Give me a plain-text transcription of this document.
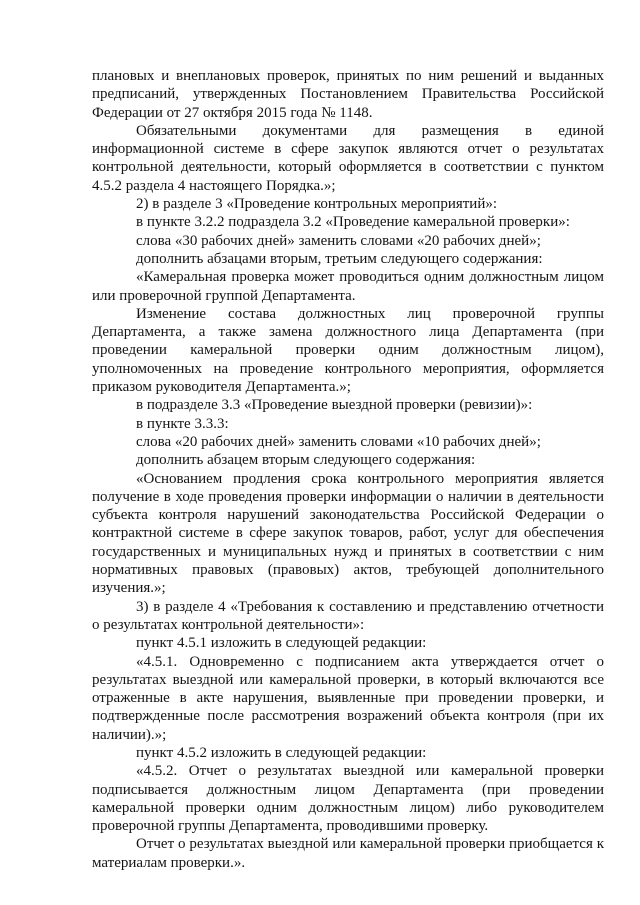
плановых и внеплановых проверок, принятых по ним решений и выданных предписаний, утвержденных Постановлением Правительства Российской Федерации от 27 октября 2015 года № 1148.

Обязательными документами для размещения в единой информационной системе в сфере закупок являются отчет о результатах контрольной деятельности, который оформляется в соответствии с пунктом 4.5.2 раздела 4 настоящего Порядка.»;

2) в разделе 3 «Проведение контрольных мероприятий»:

в пункте 3.2.2 подраздела 3.2 «Проведение камеральной проверки»:

слова «30 рабочих дней» заменить словами «20 рабочих дней»;

дополнить абзацами вторым, третьим следующего содержания:

«Камеральная проверка может проводиться одним должностным лицом или проверочной группой Департамента.

Изменение состава должностных лиц проверочной группы Департамента, а также замена должностного лица Департамента (при проведении камеральной проверки одним должностным лицом), уполномоченных на проведение контрольного мероприятия, оформляется приказом руководителя Департамента.»;

в подразделе 3.3 «Проведение выездной проверки (ревизии)»:

в пункте 3.3.3:

слова «20 рабочих дней» заменить словами «10 рабочих дней»;

дополнить абзацем вторым следующего содержания:

«Основанием продления срока контрольного мероприятия является получение в ходе проведения проверки информации о наличии в деятельности субъекта контроля нарушений законодательства Российской Федерации о контрактной системе в сфере закупок товаров, работ, услуг для обеспечения государственных и муниципальных нужд и принятых в соответствии с ним нормативных правовых (правовых) актов, требующей дополнительного изучения.»;

3) в разделе 4 «Требования к составлению и представлению отчетности о результатах контрольной деятельности»:

пункт 4.5.1 изложить в следующей редакции:

«4.5.1. Одновременно с подписанием акта утверждается отчет о результатах выездной или камеральной проверки, в который включаются все отраженные в акте нарушения, выявленные при проведении проверки, и подтвержденные после рассмотрения возражений объекта контроля (при их наличии).»;

пункт 4.5.2 изложить в следующей редакции:

«4.5.2. Отчет о результатах выездной или камеральной проверки подписывается должностным лицом Департамента (при проведении камеральной проверки одним должностным лицом) либо руководителем проверочной группы Департамента, проводившими проверку.

Отчет о результатах выездной или камеральной проверки приобщается к материалам проверки.».
